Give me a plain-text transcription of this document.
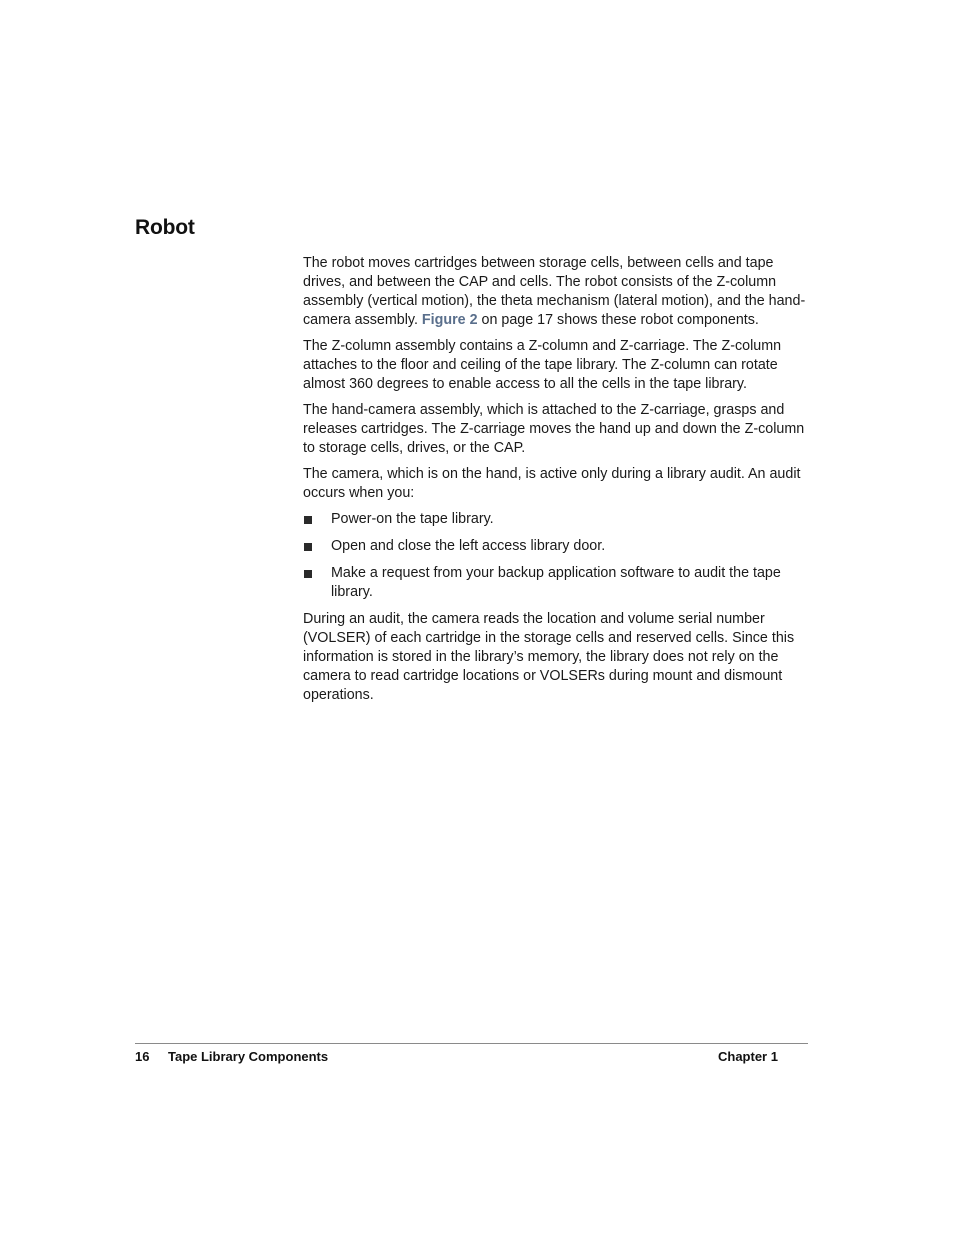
Robot

The robot moves cartridges between storage cells, between cells and tape drives, and between the CAP and cells. The robot consists of the Z-column assembly (vertical motion), the theta mechanism (lateral motion), and the hand-camera assembly. Figure 2 on page 17 shows these robot components.

The Z-column assembly contains a Z-column and Z-carriage. The Z-column attaches to the floor and ceiling of the tape library. The Z-column can rotate almost 360 degrees to enable access to all the cells in the tape library.

The hand-camera assembly, which is attached to the Z-carriage, grasps and releases cartridges. The Z-carriage moves the hand up and down the Z-column to storage cells, drives, or the CAP.

The camera, which is on the hand, is active only during a library audit. An audit occurs when you:

Power-on the tape library.
Open and close the left access library door.
Make a request from your backup application software to audit the tape library.

During an audit, the camera reads the location and volume serial number (VOLSER) of each cartridge in the storage cells and reserved cells. Since this information is stored in the library’s memory, the library does not rely on the camera to read cartridge locations or VOLSERs during mount and dismount operations.

16 Tape Library Components	Chapter 1
